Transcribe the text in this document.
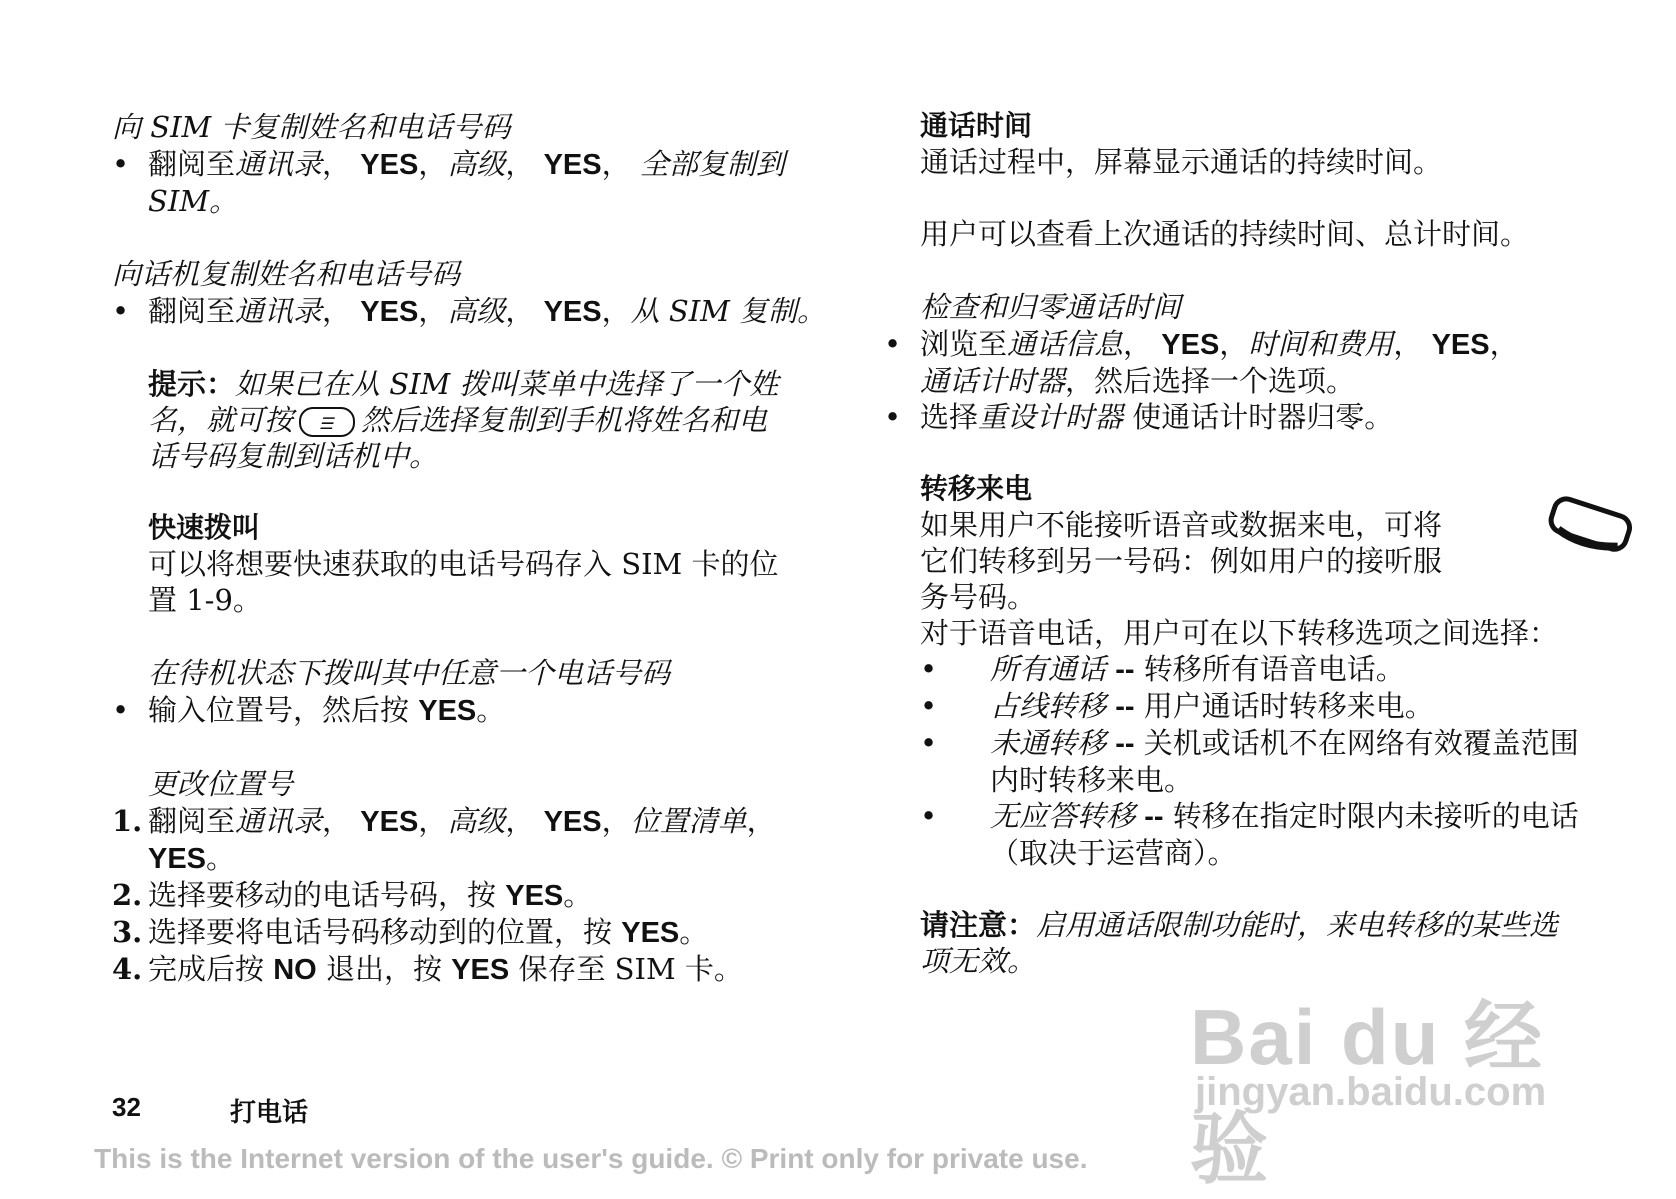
向 SIM 卡复制姓名和电话号码
• 翻阅至通讯录， YES，高级， YES， 全部复制到
SIM。
向话机复制姓名和电话号码
• 翻阅至通讯录， YES，高级， YES，从 SIM 复制。
提示：如果已在从 SIM 拨叫菜单中选择了一个姓
名，就可按☰ 然后选择复制到手机将姓名和电
话号码复制到话机中。
快速拨叫
可以将想要快速获取的电话号码存入 SIM 卡的位
置 1-9。
在待机状态下拨叫其中任意一个电话号码
• 输入位置号，然后按 YES。
更改位置号
1. 翻阅至通讯录， YES，高级， YES，位置清单，
YES。
2. 选择要移动的电话号码，按 YES。
3. 选择要将电话号码移动到的位置，按 YES。
4. 完成后按 NO 退出，按 YES 保存至 SIM 卡。
通话时间
通话过程中，屏幕显示通话的持续时间。
用户可以查看上次通话的持续时间、总计时间。
检查和归零通话时间
• 浏览至通话信息， YES，时间和费用， YES，
通话计时器，然后选择一个选项。
• 选择重设计时器 使通话计时器归零。
转移来电
如果用户不能接听语音或数据来电，可将
它们转移到另一号码：例如用户的接听服
务号码。
对于语音电话，用户可在以下转移选项之间选择：
• 所有通话 -- 转移所有语音电话。
• 占线转移 -- 用户通话时转移来电。
• 未通转移 -- 关机或话机不在网络有效覆盖范围
内时转移来电。
• 无应答转移 -- 转移在指定时限内未接听的电话
（取决于运营商）。
请注意：启用通话限制功能时，来电转移的某些选
项无效。
Bai du 经验
jingyan.baidu.com
32	打电话
This is the Internet version of the user's guide. © Print only for private use.
